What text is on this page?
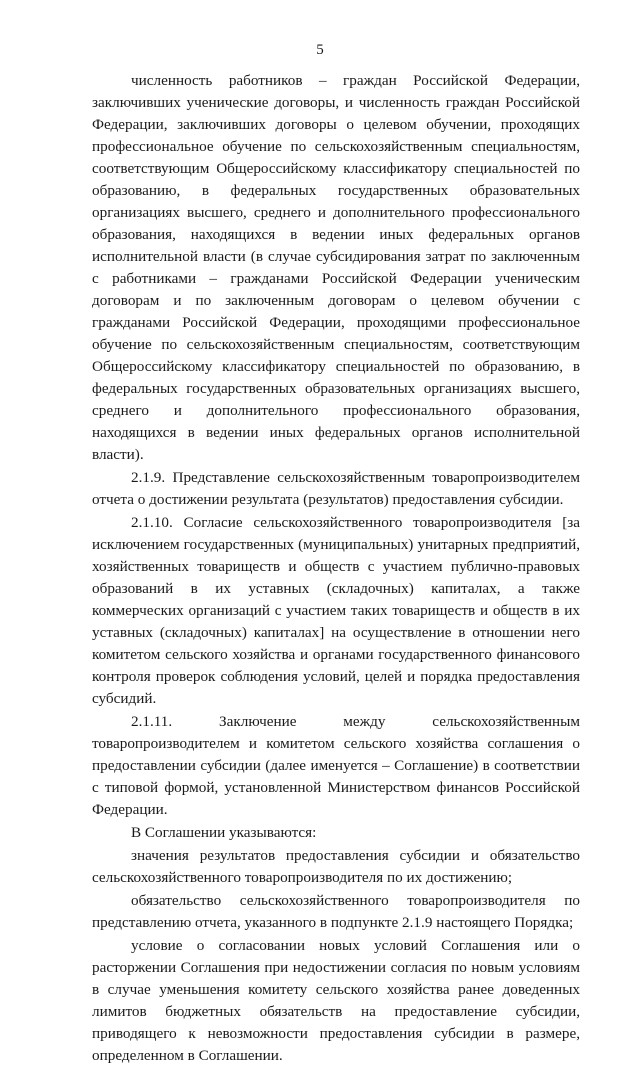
5

численность работников – граждан Российской Федерации, заключивших ученические договоры, и численность граждан Российской Федерации, заключивших договоры о целевом обучении, проходящих профессиональное обучение по сельскохозяйственным специальностям, соответствующим Общероссийскому классификатору специальностей по образованию, в федеральных государственных образовательных организациях высшего, среднего и дополнительного профессионального образования, находящихся в ведении иных федеральных органов исполнительной власти (в случае субсидирования затрат по заключенным с работниками – гражданами Российской Федерации ученическим договорам и по заключенным договорам о целевом обучении с гражданами Российской Федерации, проходящими профессиональное обучение по сельскохозяйственным специальностям, соответствующим Общероссийскому классификатору специальностей по образованию, в федеральных государственных образовательных организациях высшего, среднего и дополнительного профессионального образования, находящихся в ведении иных федеральных органов исполнительной власти).

2.1.9. Представление сельскохозяйственным товаропроизводителем отчета о достижении результата (результатов) предоставления субсидии.

2.1.10. Согласие сельскохозяйственного товаропроизводителя [за исключением государственных (муниципальных) унитарных предприятий, хозяйственных товариществ и обществ с участием публично-правовых образований в их уставных (складочных) капиталах, а также коммерческих организаций с участием таких товариществ и обществ в их уставных (складочных) капиталах] на осуществление в отношении него комитетом сельского хозяйства и органами государственного финансового контроля проверок соблюдения условий, целей и порядка предоставления субсидий.

2.1.11. Заключение между сельскохозяйственным товаропроизводителем и комитетом сельского хозяйства соглашения о предоставлении субсидии (далее именуется – Соглашение) в соответствии с типовой формой, установленной Министерством финансов Российской Федерации.

В Соглашении указываются:

значения результатов предоставления субсидии и обязательство сельскохозяйственного товаропроизводителя по их достижению;

обязательство сельскохозяйственного товаропроизводителя по представлению отчета, указанного в подпункте 2.1.9 настоящего Порядка;

условие о согласовании новых условий Соглашения или о расторжении Соглашения при недостижении согласия по новым условиям в случае уменьшения комитету сельского хозяйства ранее доведенных лимитов бюджетных обязательств на предоставление субсидии, приводящего к невозможности предоставления субсидии в размере, определенном в Соглашении.
